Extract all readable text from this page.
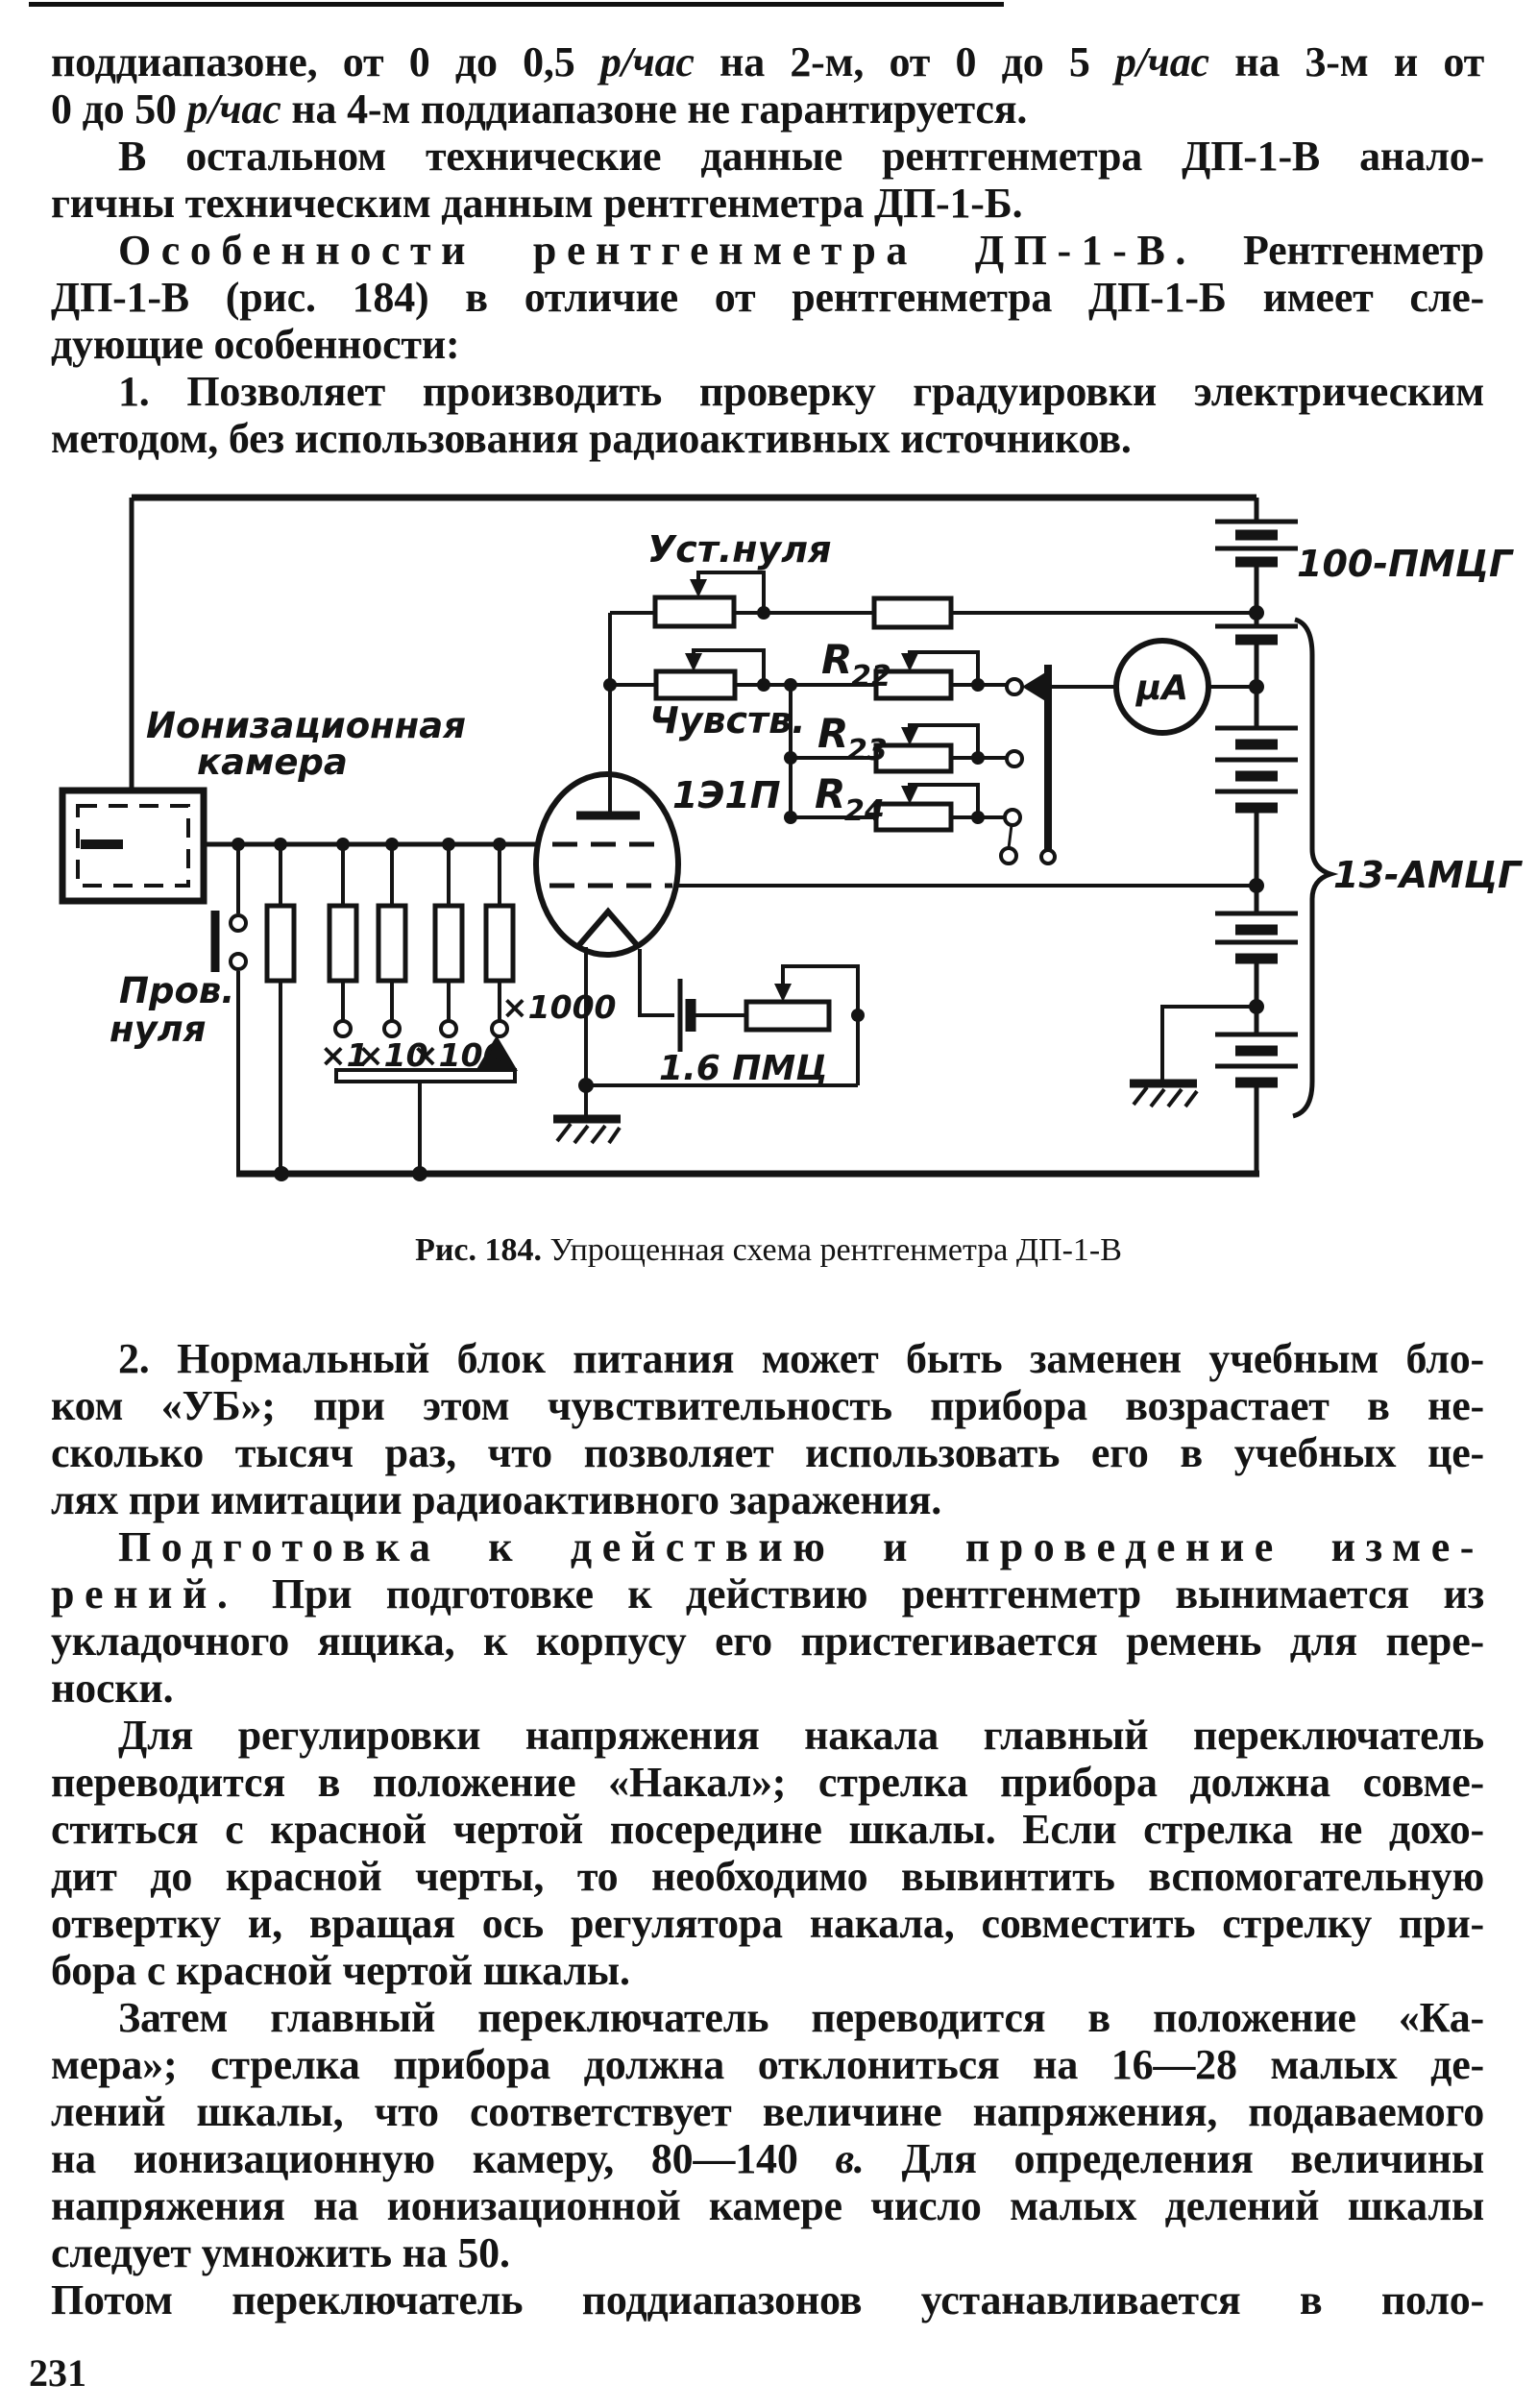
поддиапазоне, от 0 до 0,5 р/час на 2-м, от 0 до 5 р/час на 3-м и от
0 до 50 р/час на 4-м поддиапазоне не гарантируется.
В остальном технические данные рентгенметра ДП-1-В анало-
гичны техническим данным рентгенметра ДП-1-Б.
Особенности рентгенметра ДП-1-В. Рентгенметр
ДП-1-В (рис. 184) в отличие от рентгенметра ДП-1-Б имеет сле-
дующие особенности:
1. Позволяет производить проверку градуировки электрическим
методом, без использования радиоактивных источников.
Уст.нуля
Чувств.
1Э1П
Ионизационная
камера
Пров.
нуля
×1
×10
×100
×1000
R
22
R
23
R
24
μА
100-ПМЦГ
13-АМЦГ
1.6 ПМЦ
Рис. 184. Упрощенная схема рентгенметра ДП-1-В
2. Нормальный блок питания может быть заменен учебным бло-
ком «УБ»; при этом чувствительность прибора возрастает в не-
сколько тысяч раз, что позволяет использовать его в учебных це-
лях при имитации радиоактивного заражения.
Подготовка к действию и проведение изме-
рений. При подготовке к действию рентгенметр вынимается из
укладочного ящика, к корпусу его пристегивается ремень для пере-
носки.
Для регулировки напряжения накала главный переключатель
переводится в положение «Накал»; стрелка прибора должна совме-
ститься с красной чертой посередине шкалы. Если стрелка не дохо-
дит до красной черты, то необходимо вывинтить вспомогательную
отвертку и, вращая ось регулятора накала, совместить стрелку при-
бора с красной чертой шкалы.
Затем главный переключатель переводится в положение «Ка-
мера»; стрелка прибора должна отклониться на 16—28 малых де-
лений шкалы, что соответствует величине напряжения, подаваемого
на ионизационную камеру, 80—140 в. Для определения величины
напряжения на ионизационной камере число малых делений шкалы
следует умножить на 50.
Потом переключатель поддиапазонов устанавливается в поло-
231
